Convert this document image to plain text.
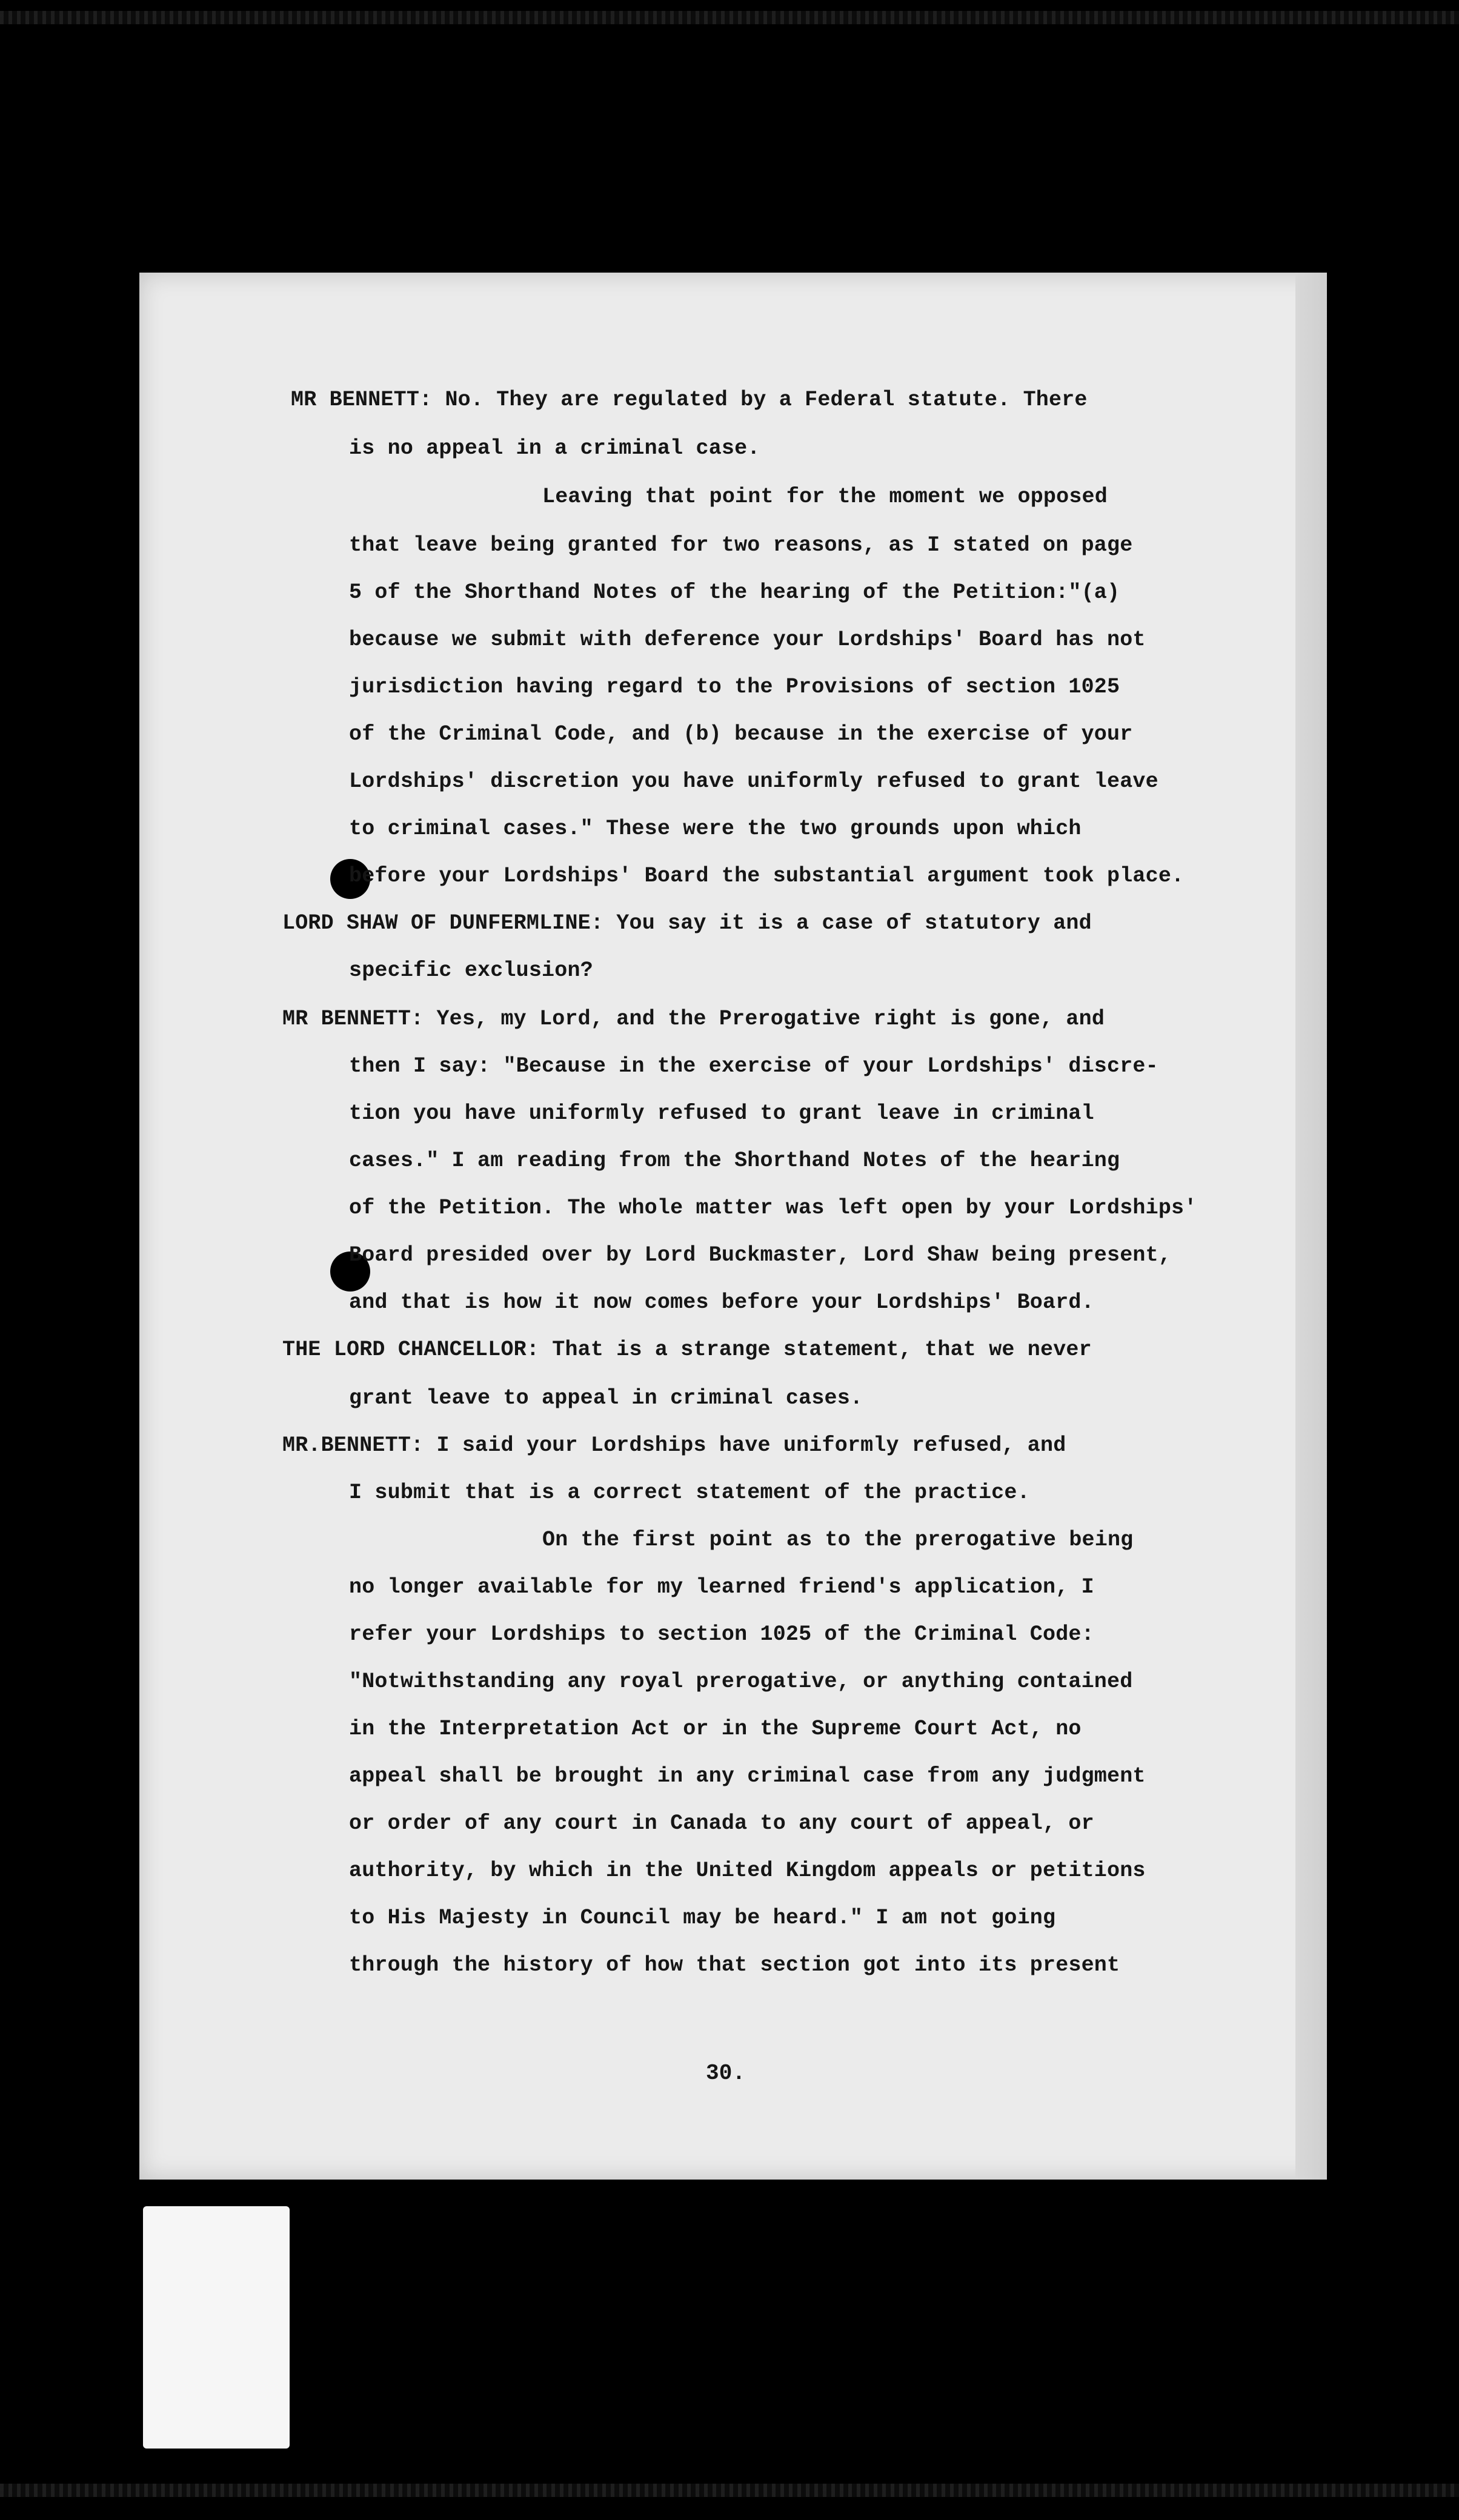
MR BENNETT: No. They are regulated by a Federal statute. There
is no appeal in a criminal case.
Leaving that point for the moment we opposed
that leave being granted for two reasons, as I stated on page
5 of the Shorthand Notes of the hearing of the Petition:"(a)
because we submit with deference your Lordships' Board has not
jurisdiction having regard to the Provisions of section 1025
of the Criminal Code, and (b) because in the exercise of your
Lordships' discretion you have uniformly refused to grant leave
to criminal cases." These were the two grounds upon which
before your Lordships' Board the substantial argument took place.
LORD SHAW OF DUNFERMLINE: You say it is a case of statutory and
specific exclusion?
MR BENNETT: Yes, my Lord, and the Prerogative right is gone, and
then I say: "Because in the exercise of your Lordships' discre-
tion you have uniformly refused to grant leave in criminal
cases." I am reading from the Shorthand Notes of the hearing
of the Petition. The whole matter was left open by your Lordships'
Board presided over by Lord Buckmaster, Lord Shaw being present,
and that is how it now comes before your Lordships' Board.
THE LORD CHANCELLOR: That is a strange statement, that we never
grant leave to appeal in criminal cases.
MR.BENNETT: I said your Lordships have uniformly refused, and
I submit that is a correct statement of the practice.
On the first point as to the prerogative being
no longer available for my learned friend's application, I
refer your Lordships to section 1025 of the Criminal Code:
"Notwithstanding any royal prerogative, or anything contained
in the Interpretation Act or in the Supreme Court Act, no
appeal shall be brought in any criminal case from any judgment
or order of any court in Canada to any court of appeal, or
authority, by which in the United Kingdom appeals or petitions
to His Majesty in Council may be heard." I am not going
through the history of how that section got into its present
30.
